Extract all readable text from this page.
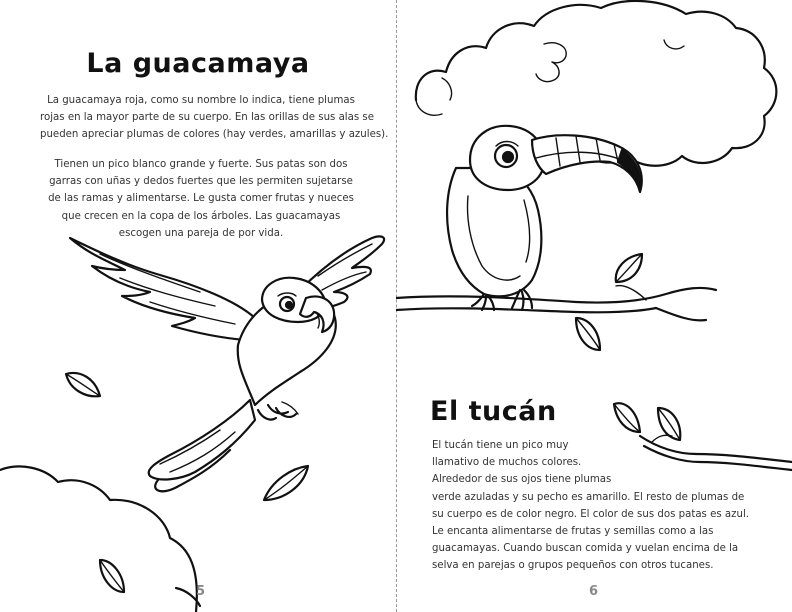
La guacamaya
La guacamaya roja, como su nombre lo indica, tiene plumas
rojas en la mayor parte de su cuerpo. En las orillas de sus alas se
pueden apreciar plumas de colores (hay verdes, amarillas y azules).
Tienen un pico blanco grande y fuerte. Sus patas son dos
garras con uñas y dedos fuertes que les permiten sujetarse
de las ramas y alimentarse. Le gusta comer frutas y nueces
que crecen en la copa de los árboles. Las guacamayas
escogen una pareja de por vida.
5
El tucán
El tucán tiene un pico muy
llamativo de muchos colores.
Alrededor de sus ojos tiene plumas
verde azuladas y su pecho es amarillo. El resto de plumas de
su cuerpo es de color negro. El color de sus dos patas es azul.
Le encanta alimentarse de frutas y semillas como a las
guacamayas. Cuando buscan comida y vuelan encima de la
selva en parejas o grupos pequeños con otros tucanes.
6
